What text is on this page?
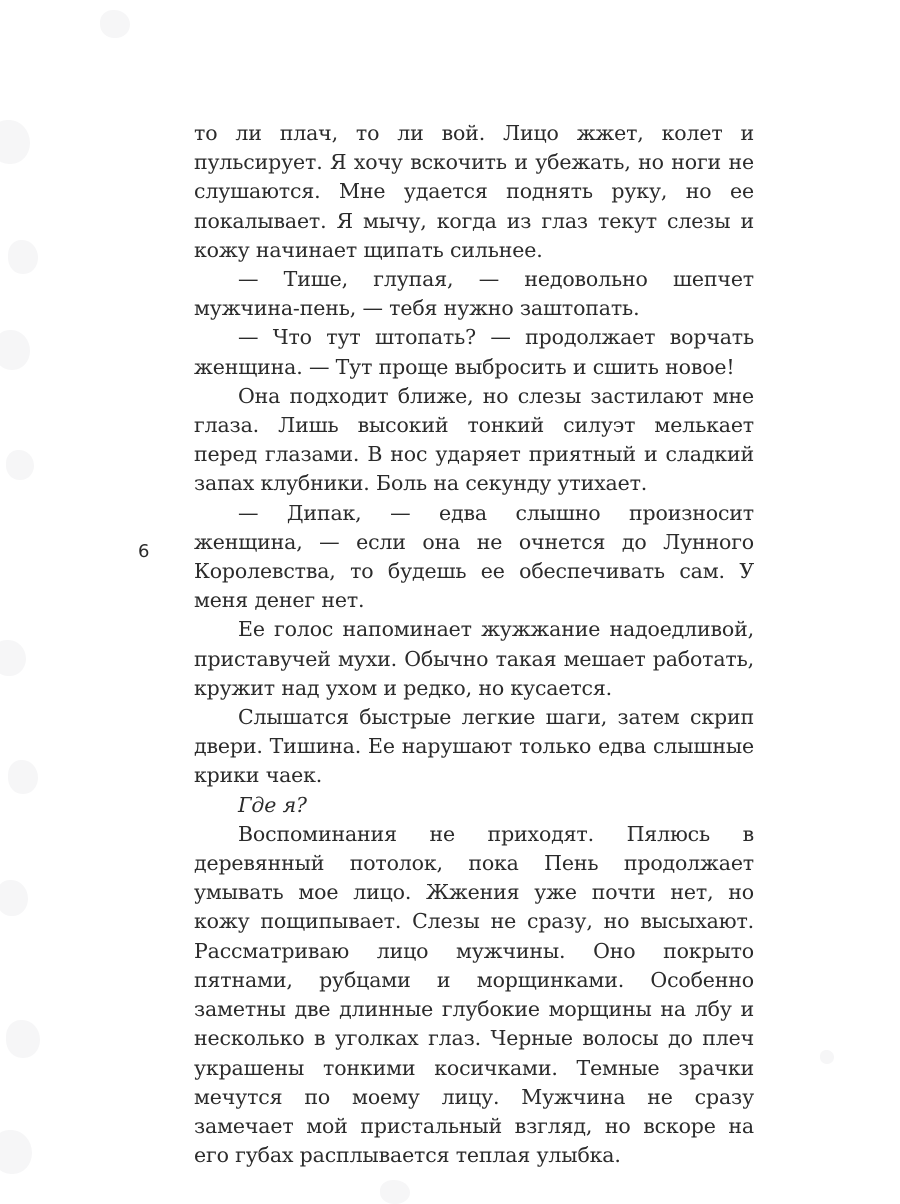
то ли плач, то ли вой. Лицо жжет, колет и пульсирует. Я хочу вскочить и убежать, но ноги не слушаются. Мне удается поднять руку, но ее покалывает. Я мычу, когда из глаз текут слезы и кожу начинает щипать сильнее.

— Тише, глупая, — недовольно шепчет мужчина-пень, — тебя нужно заштопать.

— Что тут штопать? — продолжает ворчать женщина. — Тут проще выбросить и сшить новое!

Она подходит ближе, но слезы застилают мне глаза. Лишь высокий тонкий силуэт мелькает перед глазами. В нос ударяет приятный и сладкий запах клубники. Боль на секунду утихает.

— Дипак, — едва слышно произносит женщина, — если она не очнется до Лунного Королевства, то будешь ее обеспечивать сам. У меня денег нет.

Ее голос напоминает жужжание надоедливой, приставучей мухи. Обычно такая мешает работать, кружит над ухом и редко, но кусается.

Слышатся быстрые легкие шаги, затем скрип двери. Тишина. Ее нарушают только едва слышные крики чаек.

Где я?

Воспоминания не приходят. Пялюсь в деревянный потолок, пока Пень продолжает умывать мое лицо. Жжения уже почти нет, но кожу пощипывает. Слезы не сразу, но высыхают. Рассматриваю лицо мужчины. Оно покрыто пятнами, рубцами и морщинками. Особенно заметны две длинные глубокие морщины на лбу и несколько в уголках глаз. Черные волосы до плеч украшены тонкими косичками. Темные зрачки мечутся по моему лицу. Мужчина не сразу замечает мой пристальный взгляд, но вскоре на его губах расплывается теплая улыбка.

6
